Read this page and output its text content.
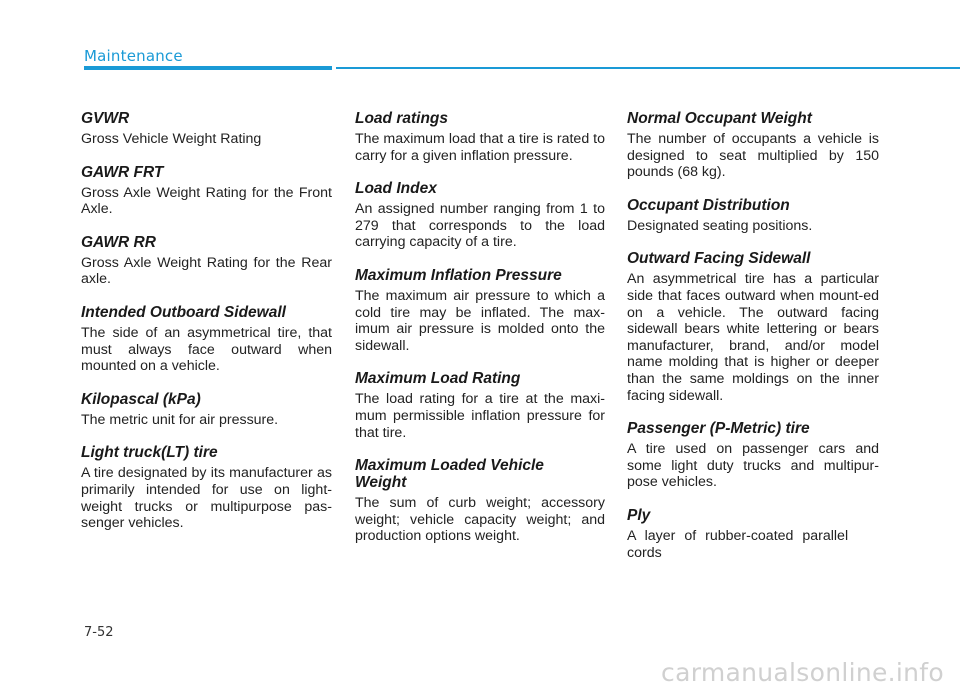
Maintenance
GVWR

Gross Vehicle Weight Rating

GAWR FRT

Gross Axle Weight Rating for the Front Axle.

GAWR RR

Gross Axle Weight Rating for the Rear axle.

Intended Outboard Sidewall

The side of an asymmetrical tire, that must always face outward when mounted on a vehicle.

Kilopascal (kPa)

The metric unit for air pressure.

Light truck(LT) tire

A tire designated by its manufacturer as primarily intended for use on light-weight trucks or multipurpose pas-senger vehicles.

Load ratings

The maximum load that a tire is rated to carry for a given inflation pressure.

Load Index

An assigned number ranging from 1 to 279 that corresponds to the load carrying capacity of a tire.

Maximum Inflation Pressure

The maximum air pressure to which a cold tire may be inflated. The max-imum air pressure is molded onto the sidewall.

Maximum Load Rating

The load rating for a tire at the maxi-mum permissible inflation pressure for that tire.

Maximum Loaded Vehicle Weight

The sum of curb weight; accessory weight; vehicle capacity weight; and production options weight.

Normal Occupant Weight

The number of occupants a vehicle is designed to seat multiplied by 150 pounds (68 kg).

Occupant Distribution

Designated seating positions.

Outward Facing Sidewall

An asymmetrical tire has a particular side that faces outward when mount-ed on a vehicle. The outward facing sidewall bears white lettering or bears manufacturer, brand, and/or model name molding that is higher or deeper than the same moldings on the inner facing sidewall.

Passenger (P-Metric) tire

A tire used on passenger cars and some light duty trucks and multipur-pose vehicles.

Ply

A layer of rubber-coated parallel cords

7-52
carmanualsonline.info
